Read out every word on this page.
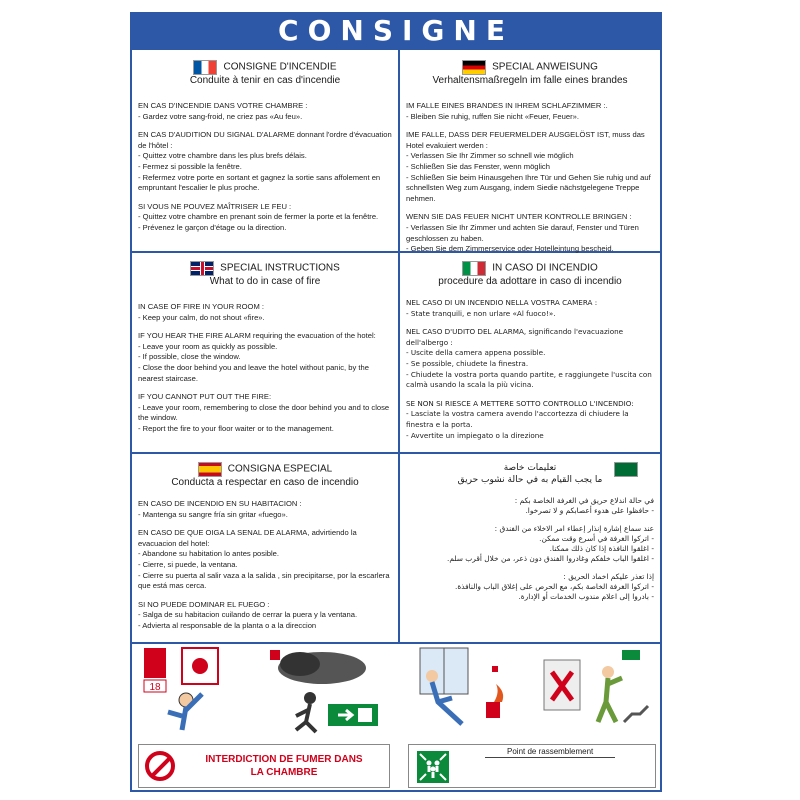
CONSIGNE
CONSIGNE D'INCENDIE
Conduite à tenir en cas d'incendie

EN CAS D'INCENDIE DANS VOTRE CHAMBRE :
- Gardez votre sang-froid, ne criez pas «Au feu».

EN CAS D'AUDITION DU SIGNAL D'ALARME donnant l'ordre d'évacuation de l'hôtel :
- Quittez votre chambre dans les plus brefs délais.
- Fermez si possible la fenêtre.
- Refermez votre porte en sortant et gagnez la sortie sans affolement en empruntant l'escalier le plus proche.

SI VOUS NE POUVEZ MAÎTRISER LE FEU :
- Quittez votre chambre en prenant soin de fermer la porte et la fenêtre.
- Prévenez le garçon d'étage ou la direction.

SPECIAL ANWEISUNG
Verhaltensmaßregeln im falle eines brandes

IM FALLE EINES BRANDES IN IHREM SCHLAFZIMMER :.
- Bleiben Sie ruhig, ruffen Sie nicht «Feuer, Feuer».

IME FALLE, DASS DER FEUERMELDER AUSGELÖST IST, muss das Hotel evakuiert werden :
- Verlassen Sie Ihr Zimmer so schnell wie möglich
- Schließen Sie das Fenster, wenn möglich
- Schließen Sie beim Hinausgehen Ihre Tür und Gehen Sie ruhig und auf schnellsten Weg zum Ausgang, indem Siedie nächstgelegene Treppe nehmen.

WENN SIE DAS FEUER NICHT UNTER KONTROLLE BRINGEN :
- Verlassen Sie Ihr Zimmer und achten Sie darauf, Fenster und Türen geschlossen zu haben.
- Geben Sie dem Zimmerservice oder Hotelleintung bescheid.

SPECIAL INSTRUCTIONS
What to do in case of fire

IN CASE OF FIRE IN YOUR ROOM :
- Keep your calm, do not shout «fire».

IF YOU HEAR THE FIRE ALARM requiring the evacuation of the hotel:
- Leave your room as quickly as possible.
- If possible, close the window.
- Close the door behind you and leave the hotel without panic, by the nearest staircase.

IF YOU CANNOT PUT OUT THE FIRE:
- Leave your room, remembering to close the door behind you and to close the window.
- Report the fire to your floor waiter or to the management.

IN CASO DI INCENDIO
procedure da adottare in caso di incendio

NEL CASO DI UN INCENDIO NELLA VOSTRA CAMERA :
- State tranquili, e non urlare «Al fuoco!».

NEL CASO D'UDITO DEL ALARMA, significando l'evacuazione dell'albergo :
- Uscite della camera appena possible.
- Se possible, chiudete la finestra.
- Chiudete la vostra porta quando partite, e raggiungete l'uscita con
calmà usando la scala la più vicina.

SE NON SI RIESCE A METTERE SOTTO CONTROLLO L'INCENDIO:
- Lasciate la vostra camera avendo l'accortezza di chiudere la finestra e la porta.
- Avvertite un impiegato o la direzione

CONSIGNA ESPECIAL
Conducta a respectar en caso de incendio

EN CASO DE INCENDIO EN SU HABITACION :
- Mantenga su sangre fría sin gritar «fuego».

EN CASO DE QUE OIGA LA SENAL DE ALARMA, advirtiendo la evacuacion del hotel:
- Abandone su habitation lo antes posible.
- Cierre, si puede, la ventana.
- Cierre su puerta al salir vaza a la salida , sin precipitarse, por la escarlera que está mas cerca.

SI NO PUEDE DOMINAR EL FUEGO :
- Salga de su habitacion cuilando de cerrar la puera y la ventana.
- Advierta al responsable de la planta o a la direccion

تعليمات خاصة
ما يجب القيام به في حالة نشوب حريق

في حالة اندلاع حريق في الغرفة الخاصة بكم :
- حافظوا على هدوء أعصابكم و لا تصرخوا.

عند سماع إشارة إنذار إعطاء امر الاخلاء من الفندق :
- اتركوا الغرفة في أسرع وقت ممكن.
- اغلقوا النافذة إذا كان ذلك ممكنا.
- اغلقوا الباب خلفكم وغادروا الفندق دون ذعر، من خلال أقرب سلم.

إذا تعذر عليكم اخماد الحريق :
- اتركوا الغرفة الخاصة بكم، مع الحرص على إغلاق الباب والنافذة.
- بادروا إلى اعلام مندوب الخدمات أو الإدارة.

18
INTERDICTION DE FUMER DANS LA CHAMBRE
Point de rassemblement
